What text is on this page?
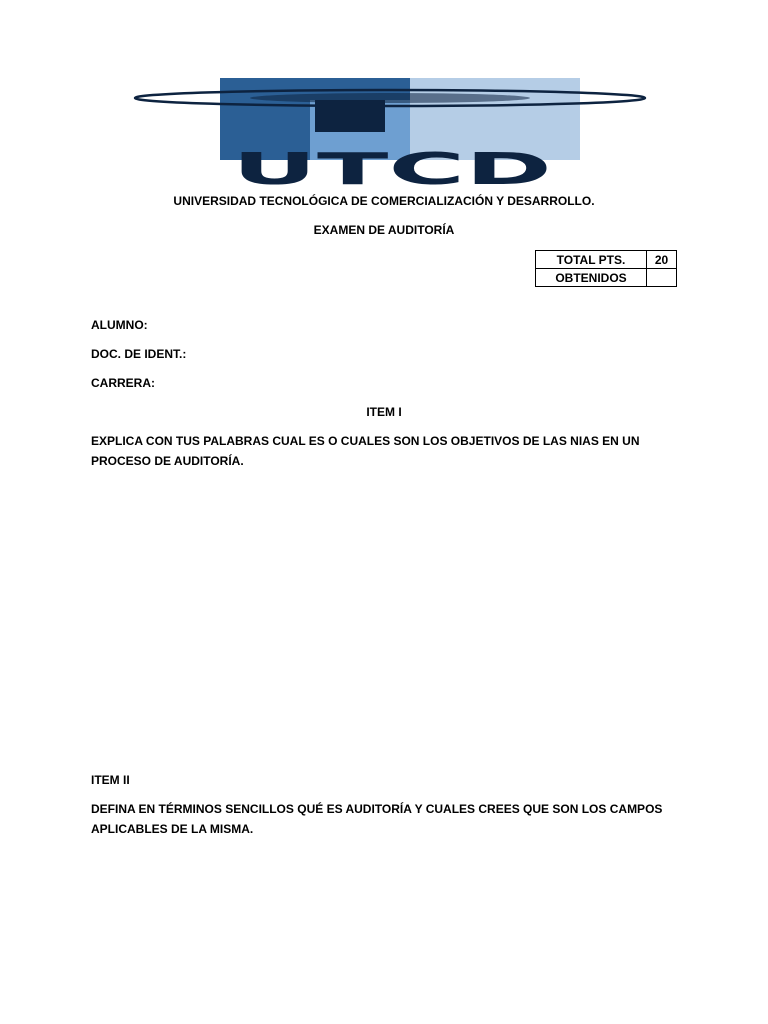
UTCD
UNIVERSIDAD TECNOLÓGICA DE COMERCIALIZACIÓN Y DESARROLLO.
EXAMEN DE AUDITORÍA
TOTAL PTS.	20
OBTENIDOS	
ALUMNO:
DOC. DE IDENT.:
CARRERA:
ITEM I
EXPLICA CON TUS PALABRAS CUAL ES O CUALES SON LOS OBJETIVOS DE LAS NIAS EN UN PROCESO DE AUDITORÍA.
ITEM II
DEFINA EN TÉRMINOS SENCILLOS QUÉ ES AUDITORÍA Y CUALES CREES QUE SON LOS CAMPOS APLICABLES DE LA MISMA.
